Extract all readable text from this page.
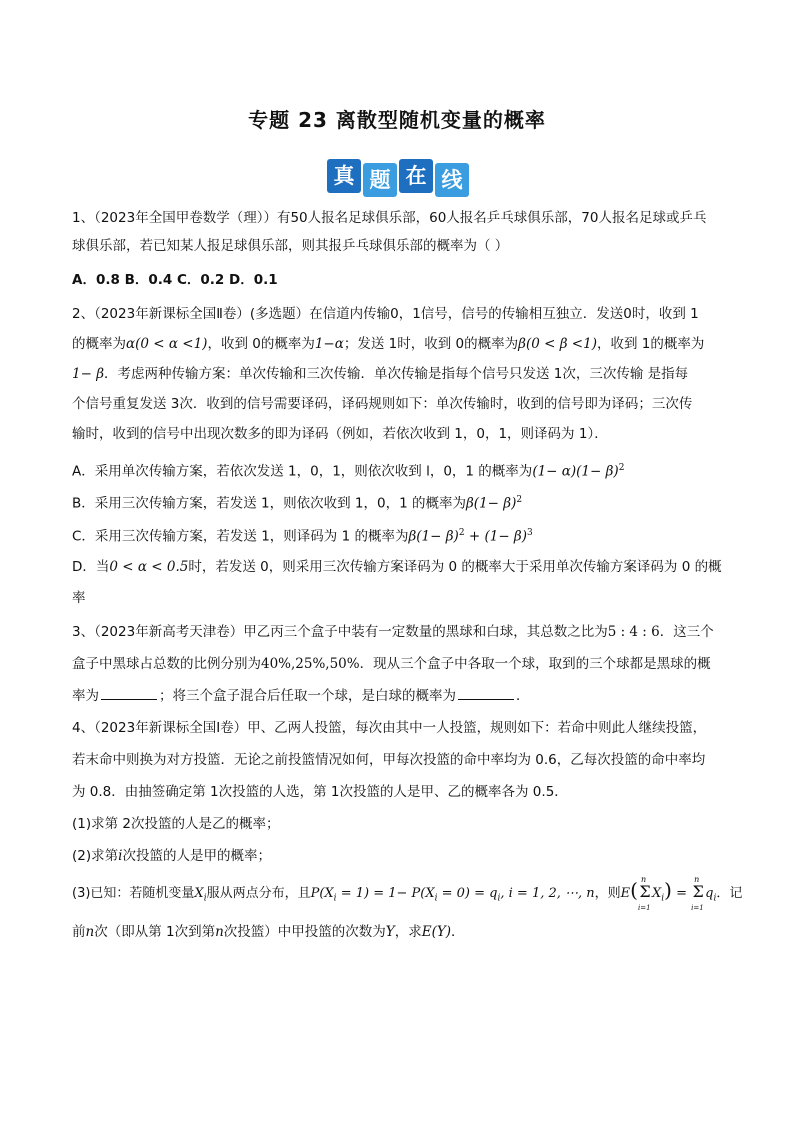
专题 23 离散型随机变量的概率
真 题 在 线
1、（2023年全国甲卷数学（理））有50人报名足球俱乐部，60人报名乒乓球俱乐部，70人报名足球或乒乓
球俱乐部，若已知某人报足球俱乐部，则其报乒乓球俱乐部的概率为（ ）
A．0.8 B．0.4 C．0.2 D．0.1
2、（2023年新课标全国Ⅱ卷）(多选题）在信道内传输0，1信号，信号的传输相互独立．发送0时，收到 1
的概率为α(0 < α <1)，收到 0的概率为1−α；发送 1时，收到 0的概率为β(0 < β <1)，收到 1的概率为
1− β．考虑两种传输方案：单次传输和三次传输．单次传输是指每个信号只发送 1次，三次传输 是指每
个信号重复发送 3次．收到的信号需要译码，译码规则如下：单次传输时，收到的信号即为译码；三次传
输时，收到的信号中出现次数多的即为译码（例如，若依次收到 1，0，1，则译码为 1）．
A．采用单次传输方案，若依次发送 1，0，1，则依次收到 l，0，1 的概率为$(1- \alpha)(1- \beta)^2$
B．采用三次传输方案，若发送 1，则依次收到 1，0，1 的概率为$\beta(1- \beta)^2$
C．采用三次传输方案，若发送 1，则译码为 1 的概率为$\beta(1- \beta)^2 + (1- \beta)^3$
D．当0 < α < 0.5时，若发送 0，则采用三次传输方案译码为 0 的概率大于采用单次传输方案译码为 0 的概
率
3、（2023年新高考天津卷）甲乙丙三个盒子中装有一定数量的黑球和白球，其总数之比为5 : 4 : 6．这三个
盒子中黑球占总数的比例分别为40%,25%,50%．现从三个盒子中各取一个球，取到的三个球都是黑球的概
率为	；将三个盒子混合后任取一个球，是白球的概率为	．
4、（2023年新课标全国Ⅰ卷）甲、乙两人投篮，每次由其中一人投篮，规则如下：若命中则此人继续投篮，
若末命中则换为对方投篮．无论之前投篮情况如何，甲每次投篮的命中率均为 0.6，乙每次投篮的命中率均
为 0.8．由抽签确定第 1次投篮的人选，第 1次投篮的人是甲、乙的概率各为 0.5．
(1)求第 2次投篮的人是乙的概率；
(2)求第i次投篮的人是甲的概率；
(3)已知：若随机变量$X_i$服从两点分布，且$P(X_i = 1) = 1- P(X_i = 0) = q_i$, i = 1, 2, ⋯, n，则E( n
Σ
i=1
$X_i$) =
n
Σ
i=1
$q_i$．记
前n次（即从第 1次到第n次投篮）中甲投篮的次数为Y，求E(Y)．
